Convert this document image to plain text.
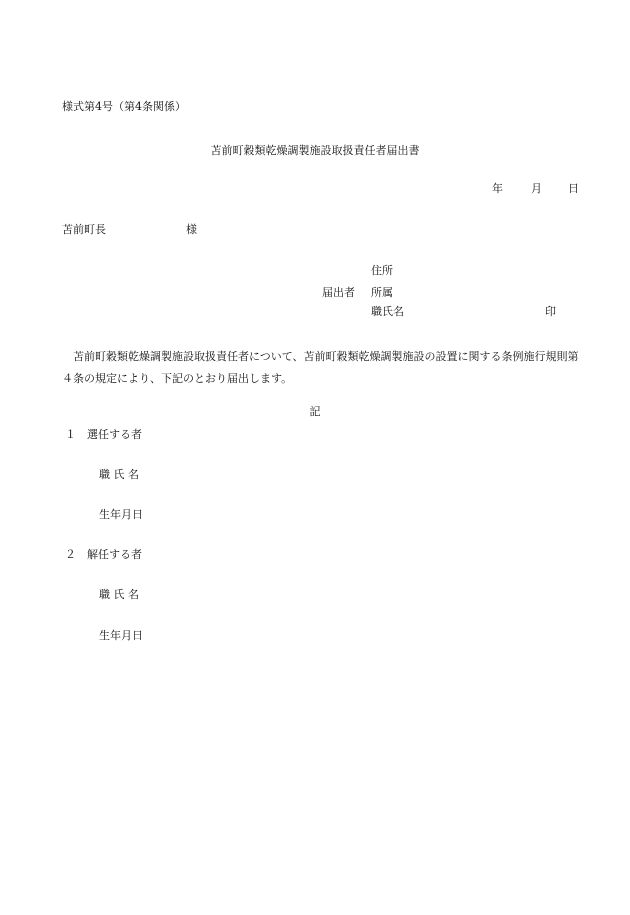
様式第4号（第4条関係）
苫前町穀類乾燥調製施設取扱責任者届出書
年	月 日
苫前町長	様
住所
届出者 所属
職氏名	印
苫前町穀類乾燥調製施設取扱責任者について、苫前町穀類乾燥調製施設の設置に関する条例施行規則第４条の規定により、下記のとおり届出します。
記
１　選任する者
職 氏 名
生年月日
２　解任する者
職 氏 名
生年月日
